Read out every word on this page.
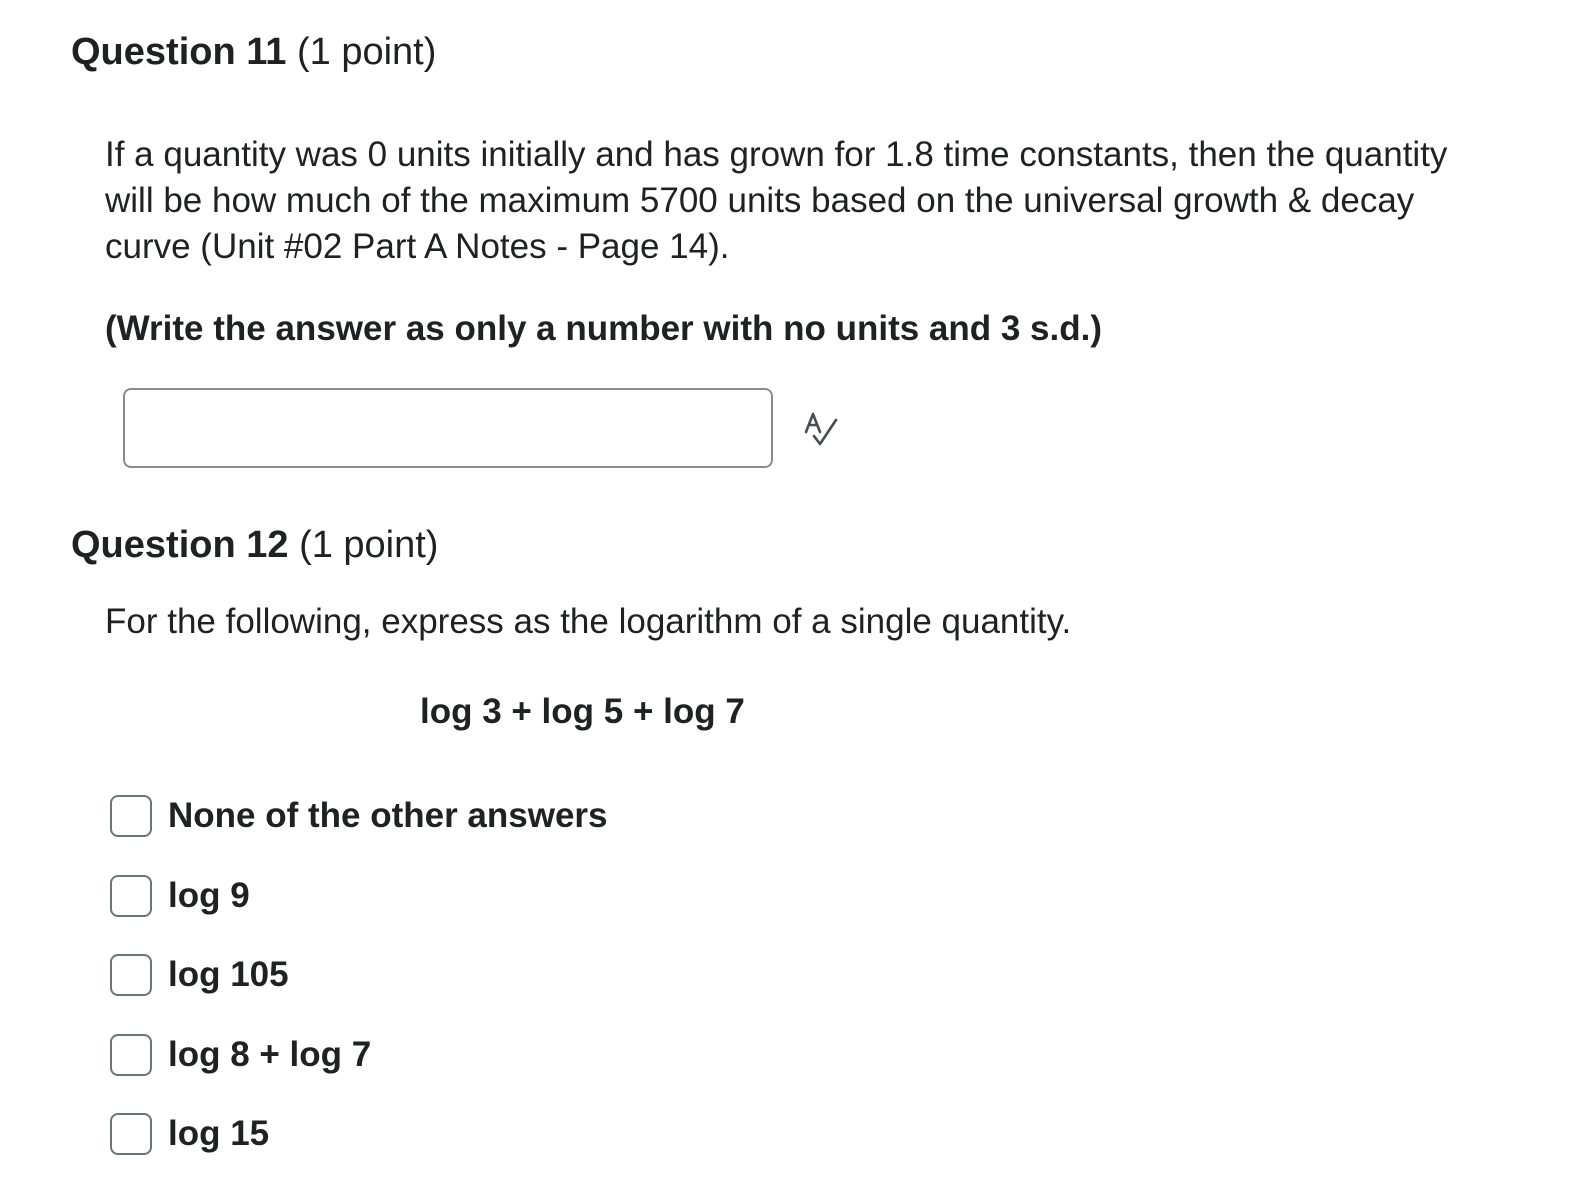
Question 11 (1 point)

If a quantity was 0 units initially and has grown for 1.8 time constants, then the quantity will be how much of the maximum 5700 units based on the universal growth & decay curve (Unit #02 Part A Notes - Page 14).

(Write the answer as only a number with no units and 3 s.d.)

Question 12 (1 point)

For the following, express as the logarithm of a single quantity.

log 3 + log 5 + log 7

None of the other answers
log 9
log 105
log 8 + log 7
log 15
